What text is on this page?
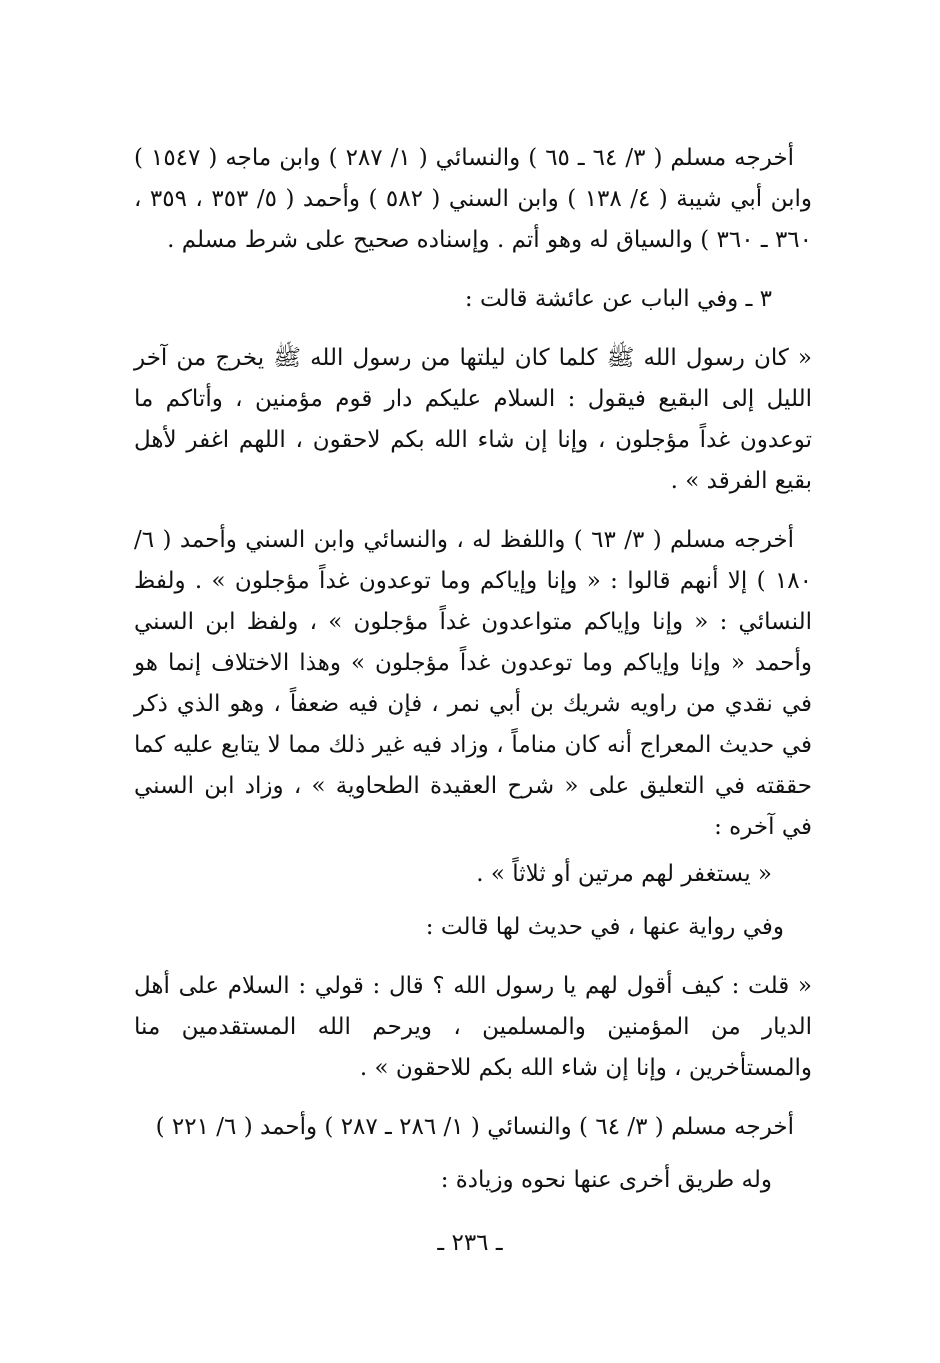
أخرجه مسلم ( ٣/ ٦٤ ـ ٦٥ ) والنسائي ( ١/ ٢٨٧ ) وابن ماجه ( ١٥٤٧ ) وابن أبي شيبة ( ٤/ ١٣٨ ) وابن السني ( ٥٨٢ ) وأحمد ( ٥/ ٣٥٣ ، ٣٥٩ ، ٣٦٠ ـ ٣٦٠ ) والسياق له وهو أتم . وإسناده صحيح على شرط مسلم .

٣ ـ وفي الباب عن عائشة قالت :

« كان رسول الله ﷺ كلما كان ليلتها من رسول الله ﷺ يخرج من آخر الليل إلى البقيع فيقول : السلام عليكم دار قوم مؤمنين ، وأتاكم ما توعدون غداً مؤجلون ، وإنا إن شاء الله بكم لاحقون ، اللهم اغفر لأهل بقيع الفرقد » .

أخرجه مسلم ( ٣/ ٦٣ ) واللفظ له ، والنسائي وابن السني وأحمد ( ٦/ ١٨٠ ) إلا أنهم قالوا : « وإنا وإياكم وما توعدون غداً مؤجلون » . ولفظ النسائي : « وإنا وإياكم متواعدون غداً مؤجلون » ، ولفظ ابن السني وأحمد « وإنا وإياكم وما توعدون غداً مؤجلون » وهذا الاختلاف إنما هو في نقدي من راويه شريك بن أبي نمر ، فإن فيه ضعفاً ، وهو الذي ذكر في حديث المعراج أنه كان مناماً ، وزاد فيه غير ذلك مما لا يتابع عليه كما حققته في التعليق على « شرح العقيدة الطحاوية » ، وزاد ابن السني في آخره :

« يستغفر لهم مرتين أو ثلاثاً » .

وفي رواية عنها ، في حديث لها قالت :

« قلت : كيف أقول لهم يا رسول الله ؟ قال : قولي : السلام على أهل الديار من المؤمنين والمسلمين ، ويرحم الله المستقدمين منا والمستأخرين ، وإنا إن شاء الله بكم للاحقون » .

أخرجه مسلم ( ٣/ ٦٤ ) والنسائي ( ١/ ٢٨٦ ـ ٢٨٧ ) وأحمد ( ٦/ ٢٢١ )

وله طريق أخرى عنها نحوه وزيادة :

ـ ٢٣٦ ـ
